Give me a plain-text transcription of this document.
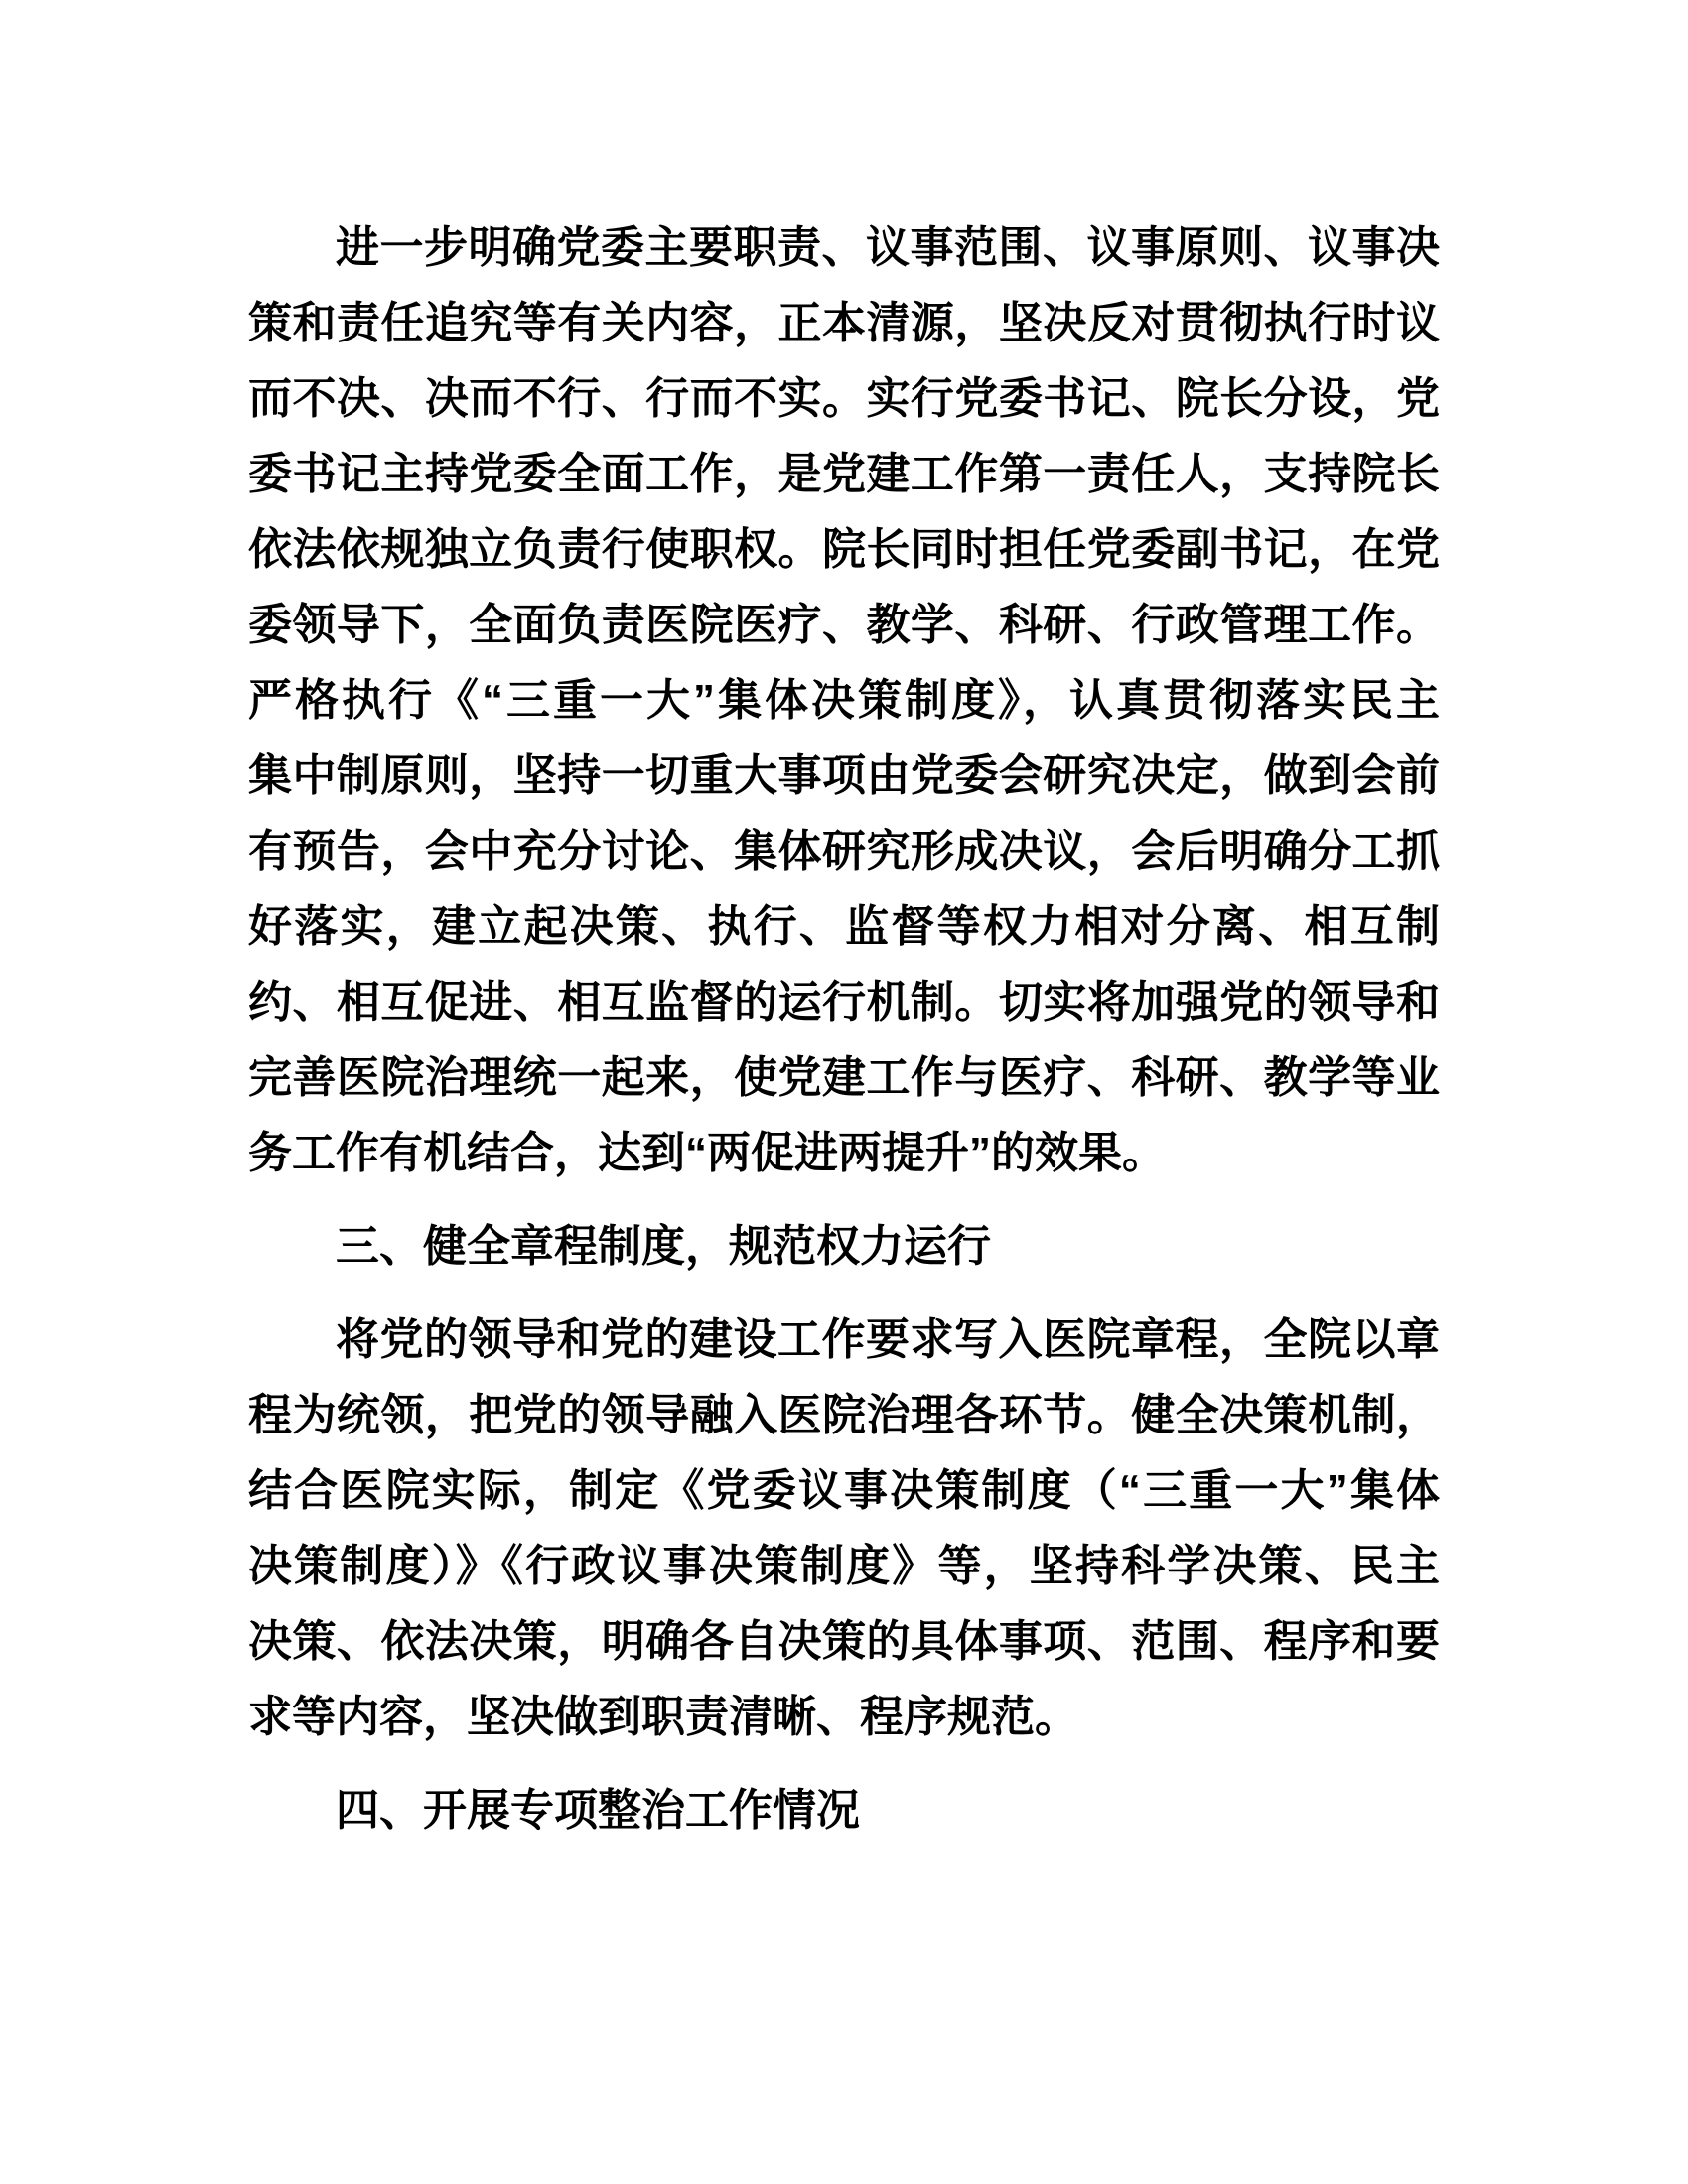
进一步明确党委主要职责、议事范围、议事原则、议事决
策和责任追究等有关内容，正本清源，坚决反对贯彻执行时议
而不决、决而不行、行而不实。实行党委书记、院长分设，党
委书记主持党委全面工作，是党建工作第一责任人，支持院长
依法依规独立负责行使职权。院长同时担任党委副书记，在党
委领导下，全面负责医院医疗、教学、科研、行政管理工作。
严格执行《“三重一大”集体决策制度》，认真贯彻落实民主
集中制原则，坚持一切重大事项由党委会研究决定，做到会前
有预告，会中充分讨论、集体研究形成决议，会后明确分工抓
好落实，建立起决策、执行、监督等权力相对分离、相互制
约、相互促进、相互监督的运行机制。切实将加强党的领导和
完善医院治理统一起来，使党建工作与医疗、科研、教学等业
务工作有机结合，达到“两促进两提升”的效果。
三、健全章程制度，规范权力运行
将党的领导和党的建设工作要求写入医院章程，全院以章
程为统领，把党的领导融入医院治理各环节。健全决策机制，
结合医院实际，制定《党委议事决策制度（“三重一大”集体
决策制度）》《行政议事决策制度》等，坚持科学决策、民主
决策、依法决策，明确各自决策的具体事项、范围、程序和要
求等内容，坚决做到职责清晰、程序规范。
四、开展专项整治工作情况
